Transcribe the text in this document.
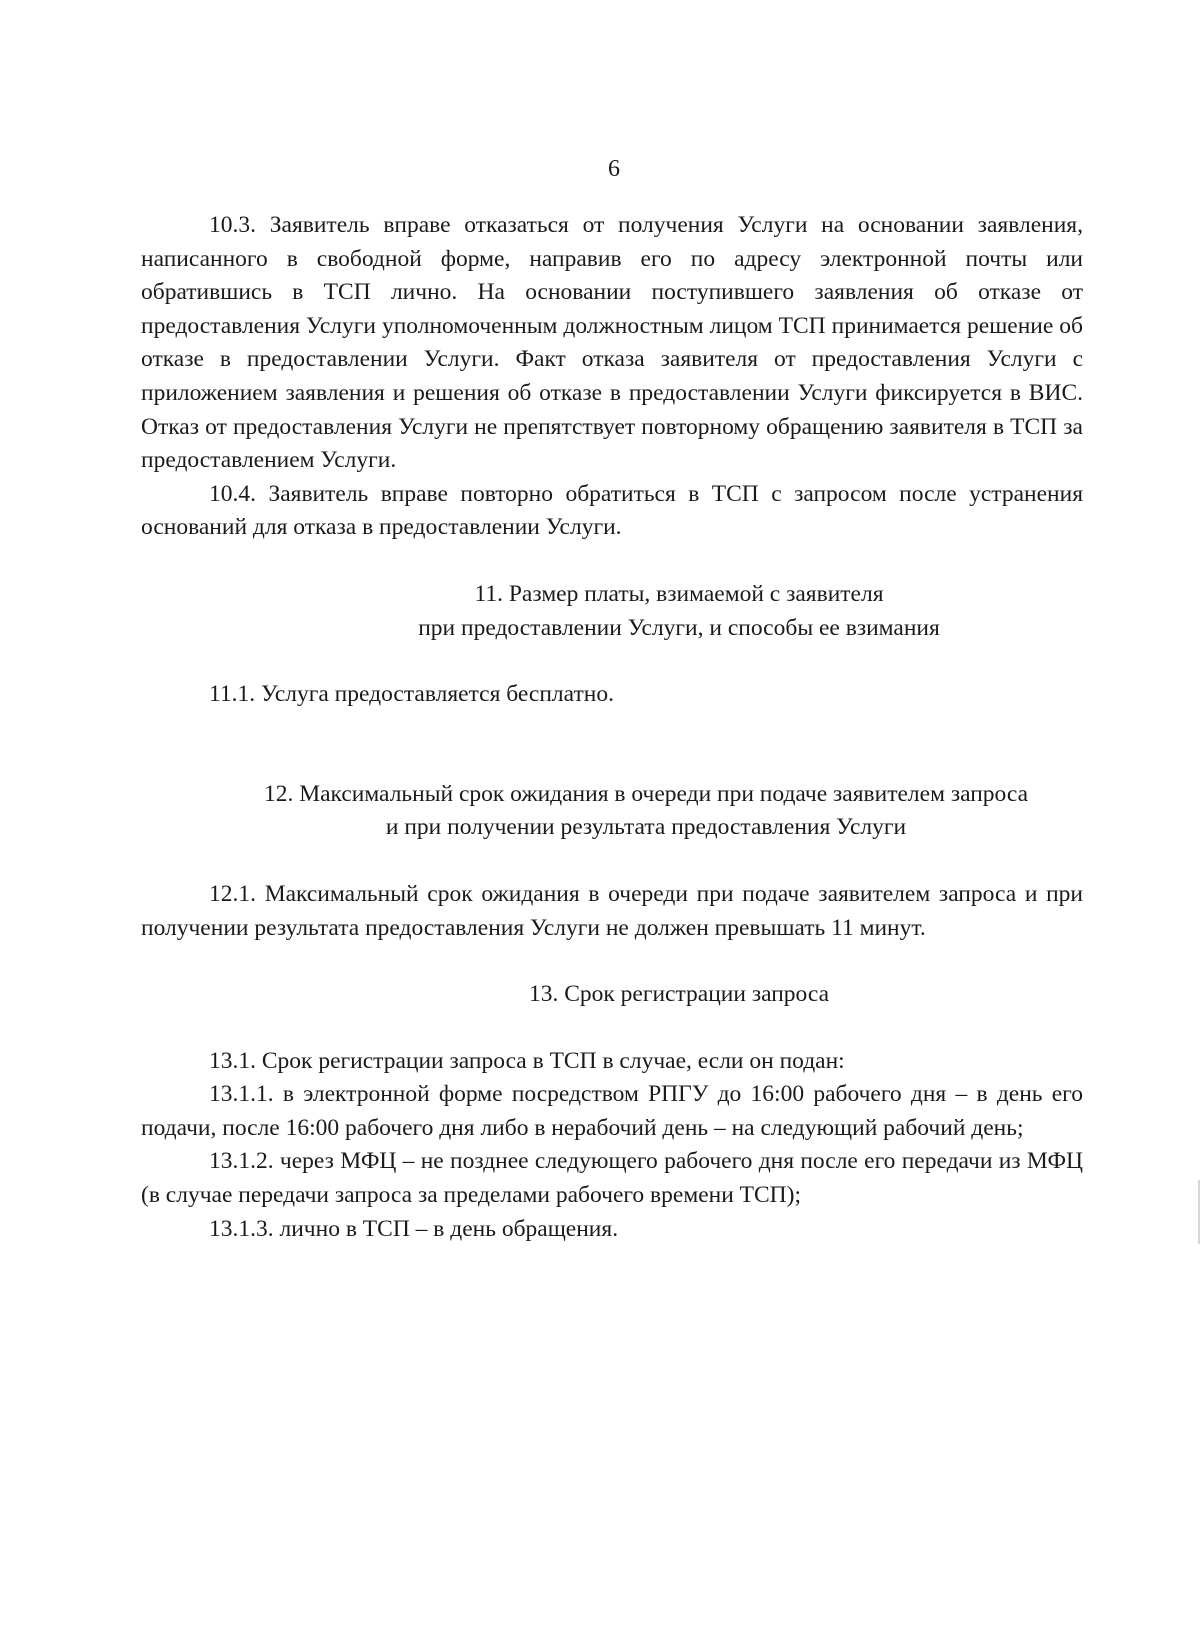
6

10.3. Заявитель вправе отказаться от получения Услуги на основании заявления, написанного в свободной форме, направив его по адресу электронной почты или обратившись в ТСП лично. На основании поступившего заявления об отказе от предоставления Услуги уполномоченным должностным лицом ТСП принимается решение об отказе в предоставлении Услуги. Факт отказа заявителя от предоставления Услуги с приложением заявления и решения об отказе в предоставлении Услуги фиксируется в ВИС. Отказ от предоставления Услуги не препятствует повторному обращению заявителя в ТСП за предоставлением Услуги.

10.4. Заявитель вправе повторно обратиться в ТСП с запросом после устранения оснований для отказа в предоставлении Услуги.

11. Размер платы, взимаемой с заявителя
при предоставлении Услуги, и способы ее взимания

11.1. Услуга предоставляется бесплатно.

12. Максимальный срок ожидания в очереди при подаче заявителем запроса
и при получении результата предоставления Услуги

12.1. Максимальный срок ожидания в очереди при подаче заявителем запроса и при получении результата предоставления Услуги не должен превышать 11 минут.

13. Срок регистрации запроса

13.1. Срок регистрации запроса в ТСП в случае, если он подан:

13.1.1. в электронной форме посредством РПГУ до 16:00 рабочего дня – в день его подачи, после 16:00 рабочего дня либо в нерабочий день – на следующий рабочий день;

13.1.2. через МФЦ – не позднее следующего рабочего дня после его передачи из МФЦ (в случае передачи запроса за пределами рабочего времени ТСП);

13.1.3. лично в ТСП – в день обращения.
